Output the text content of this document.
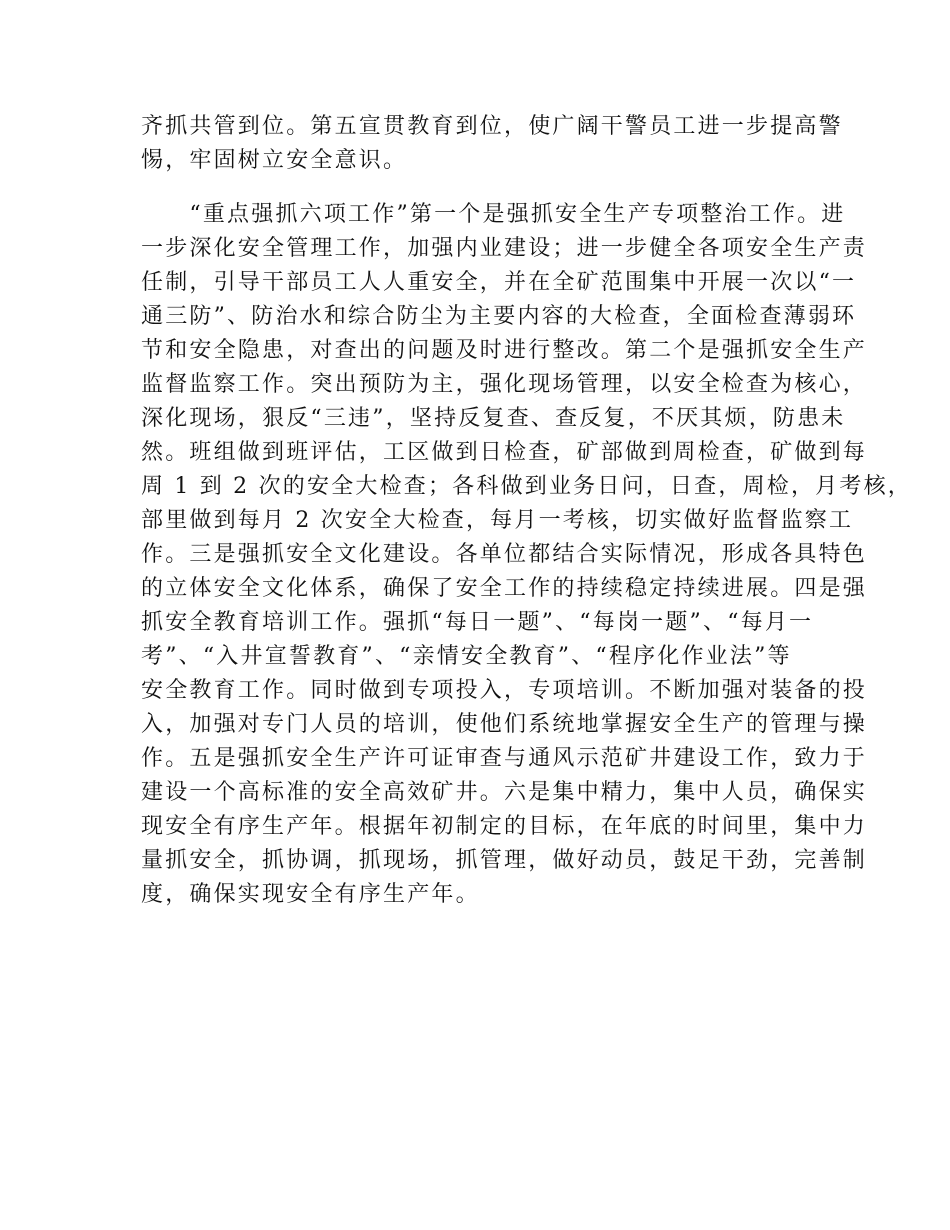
齐抓共管到位。第五宣贯教育到位，使广阔干警员工进一步提高警
惕，牢固树立安全意识。
　　“重点强抓六项工作”第一个是强抓安全生产专项整治工作。进
一步深化安全管理工作，加强内业建设；进一步健全各项安全生产责
任制，引导干部员工人人重安全，并在全矿范围集中开展一次以“一
通三防”、防治水和综合防尘为主要内容的大检查，全面检查薄弱环
节和安全隐患，对查出的问题及时进行整改。第二个是强抓安全生产
监督监察工作。突出预防为主，强化现场管理，以安全检查为核心，
深化现场，狠反“三违”，坚持反复查、查反复，不厌其烦，防患未
然。班组做到班评估，工区做到日检查，矿部做到周检查，矿做到每
周 1 到 2 次的安全大检查；各科做到业务日问，日查，周检，月考核，
部里做到每月 2 次安全大检查，每月一考核，切实做好监督监察工
作。三是强抓安全文化建设。各单位都结合实际情况，形成各具特色
的立体安全文化体系，确保了安全工作的持续稳定持续进展。四是强
抓安全教育培训工作。强抓“每日一题”、“每岗一题”、“每月一
考”、“入井宣誓教育”、“亲情安全教育”、“程序化作业法”等
安全教育工作。同时做到专项投入，专项培训。不断加强对装备的投
入，加强对专门人员的培训，使他们系统地掌握安全生产的管理与操
作。五是强抓安全生产许可证审查与通风示范矿井建设工作，致力于
建设一个高标准的安全高效矿井。六是集中精力，集中人员，确保实
现安全有序生产年。根据年初制定的目标，在年底的时间里，集中力
量抓安全，抓协调，抓现场，抓管理，做好动员，鼓足干劲，完善制
度，确保实现安全有序生产年。
